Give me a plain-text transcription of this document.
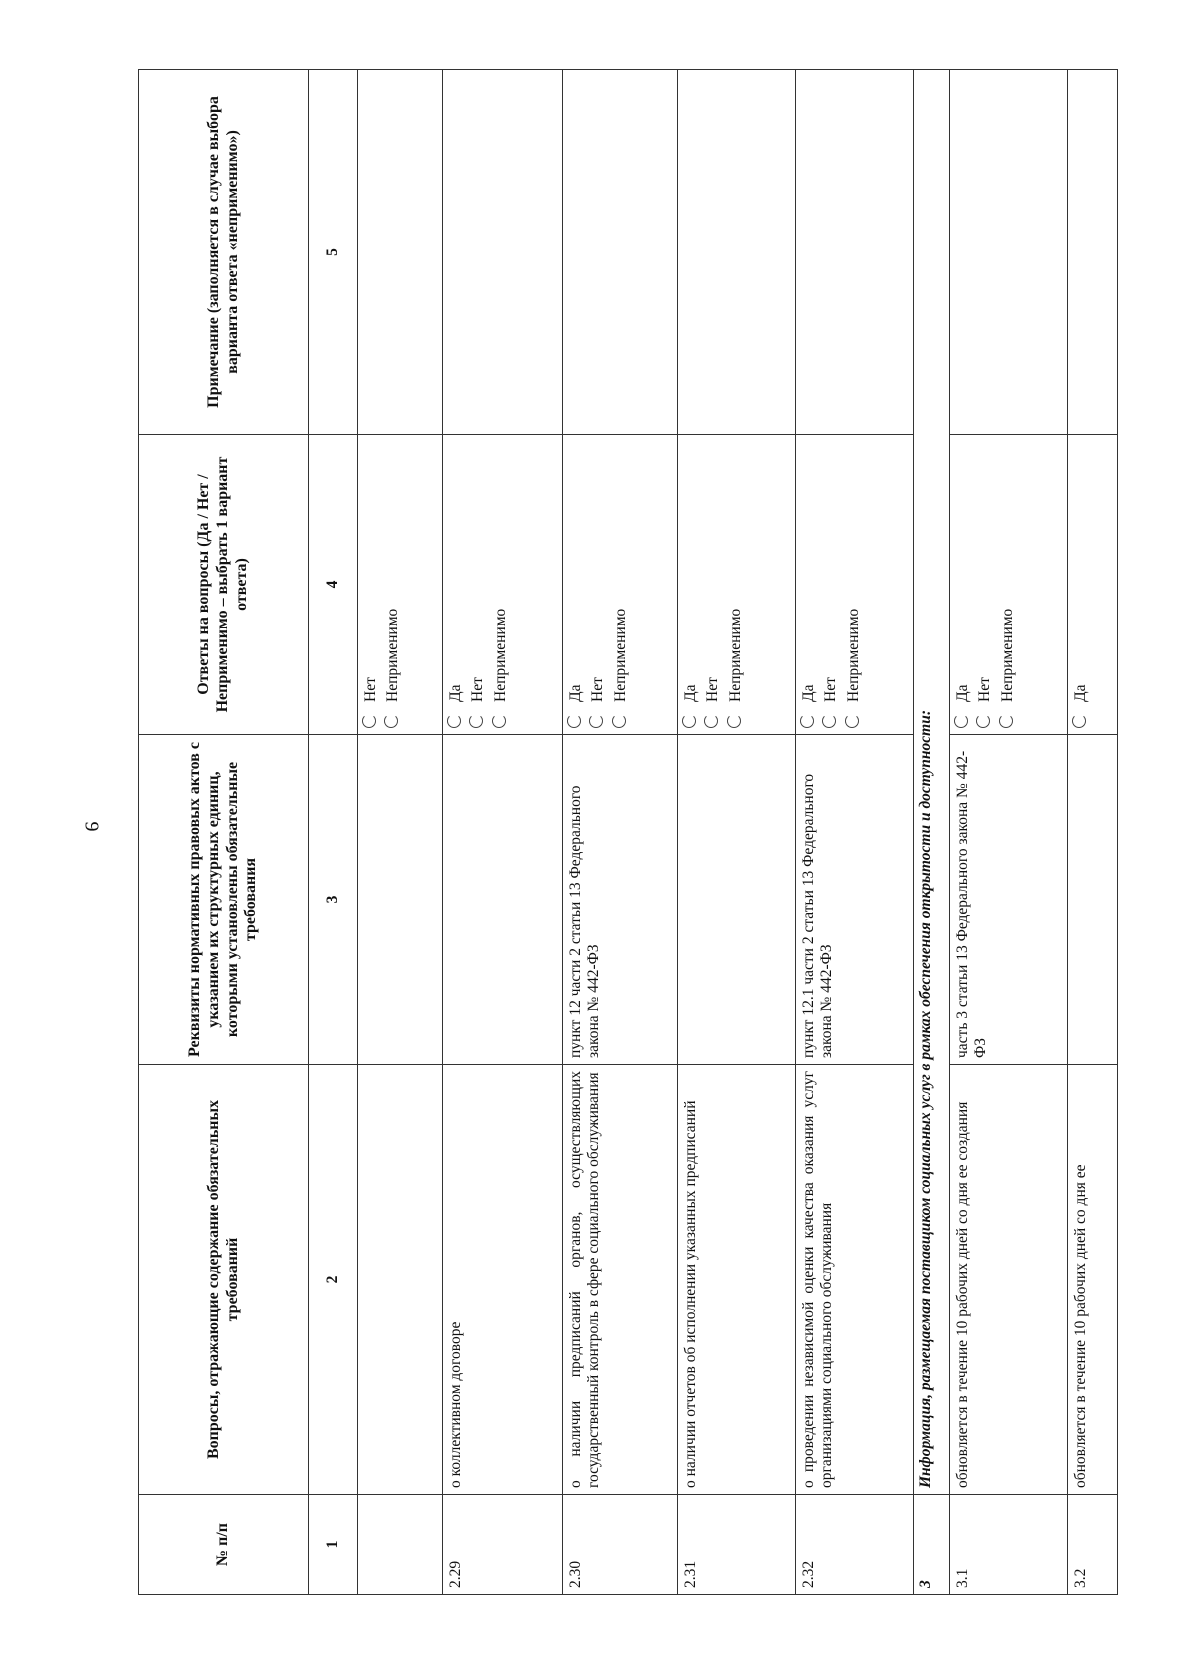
9
№ п/п	Вопросы, отражающие содержание обязательных требований	Реквизиты нормативных правовых актов с указанием их структурных единиц, которыми установлены обязательные требования	Ответы на вопросы (Да / Нет / Неприменимо – выбрать 1 вариант ответа)	Примечание (заполняется в случае выбора варианта ответа «неприменимо»)
1	2	3	4	5

			Нет Неприменимо	

2.29	о коллективном договоре		Да Нет Неприменимо	

2.30	о наличии предписаний органов, осуществляющих государственный контроль в сфере социального обслуживания	пункт 12 части 2 статьи 13 Федерального закона № 442-ФЗ	Да Нет Неприменимо	

2.31	о наличии отчетов об исполнении указанных предписаний		Да Нет Неприменимо	

2.32	о проведении независимой оценки качества оказания услуг организациями социального обслуживания	пункт 12.1 части 2 статьи 13 Федерального закона № 442-ФЗ	Да Нет Неприменимо	

3	Информация, размещаемая поставщиком социальных услуг в рамках обеспечения открытости и доступности:			
3.1	обновляется в течение 10 рабочих дней со дня ее создания	часть 3 статьи 13 Федерального закона № 442-ФЗ	Да Нет Неприменимо	

3.2	обновляется в течение 10 рабочих дней со дня ее		Да	
